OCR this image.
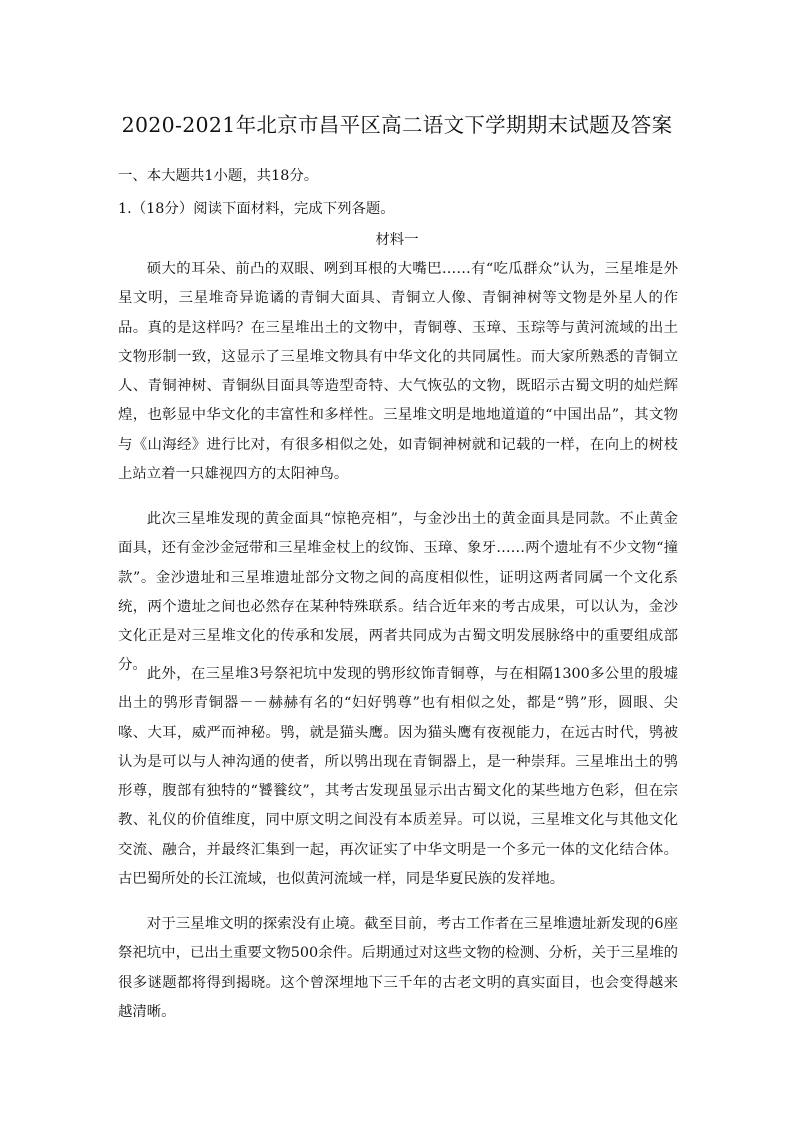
2020-2021年北京市昌平区高二语文下学期期末试题及答案
一、本大题共1小题，共18分。
1.（18分）阅读下面材料，完成下列各题。
材料一

硕大的耳朵、前凸的双眼、咧到耳根的大嘴巴……有“吃瓜群众”认为，三星堆是外星文明，三星堆奇异诡谲的青铜大面具、青铜立人像、青铜神树等文物是外星人的作品。真的是这样吗？在三星堆出土的文物中，青铜尊、玉璋、玉琮等与黄河流域的出土文物形制一致，这显示了三星堆文物具有中华文化的共同属性。而大家所熟悉的青铜立人、青铜神树、青铜纵目面具等造型奇特、大气恢弘的文物，既昭示古蜀文明的灿烂辉煌，也彰显中华文化的丰富性和多样性。三星堆文明是地地道道的“中国出品”，其文物与《山海经》进行比对，有很多相似之处，如青铜神树就和记载的一样，在向上的树枝上站立着一只雄视四方的太阳神鸟。

此次三星堆发现的黄金面具“惊艳亮相”，与金沙出土的黄金面具是同款。不止黄金面具，还有金沙金冠带和三星堆金杖上的纹饰、玉璋、象牙……两个遗址有不少文物“撞款”。金沙遗址和三星堆遗址部分文物之间的高度相似性，证明这两者同属一个文化系统，两个遗址之间也必然存在某种特殊联系。结合近年来的考古成果，可以认为，金沙文化正是对三星堆文化的传承和发展，两者共同成为古蜀文明发展脉络中的重要组成部分。

此外，在三星堆3号祭祀坑中发现的鸮形纹饰青铜尊，与在相隔1300多公里的殷墟出土的鸮形青铜器－－赫赫有名的“妇好鸮尊”也有相似之处，都是“鸮”形，圆眼、尖喙、大耳，威严而神秘。鸮，就是猫头鹰。因为猫头鹰有夜视能力，在远古时代，鸮被认为是可以与人神沟通的使者，所以鸮出现在青铜器上，是一种崇拜。三星堆出土的鸮形尊，腹部有独特的“饕餮纹”，其考古发现虽显示出古蜀文化的某些地方色彩，但在宗教、礼仪的价值维度，同中原文明之间没有本质差异。可以说，三星堆文化与其他文化交流、融合，并最终汇集到一起，再次证实了中华文明是一个多元一体的文化结合体。古巴蜀所处的长江流域，也似黄河流域一样，同是华夏民族的发祥地。

对于三星堆文明的探索没有止境。截至目前，考古工作者在三星堆遗址新发现的6座祭祀坑中，已出土重要文物500余件。后期通过对这些文物的检测、分析，关于三星堆的很多谜题都将得到揭晓。这个曾深埋地下三千年的古老文明的真实面目，也会变得越来越清晰。
